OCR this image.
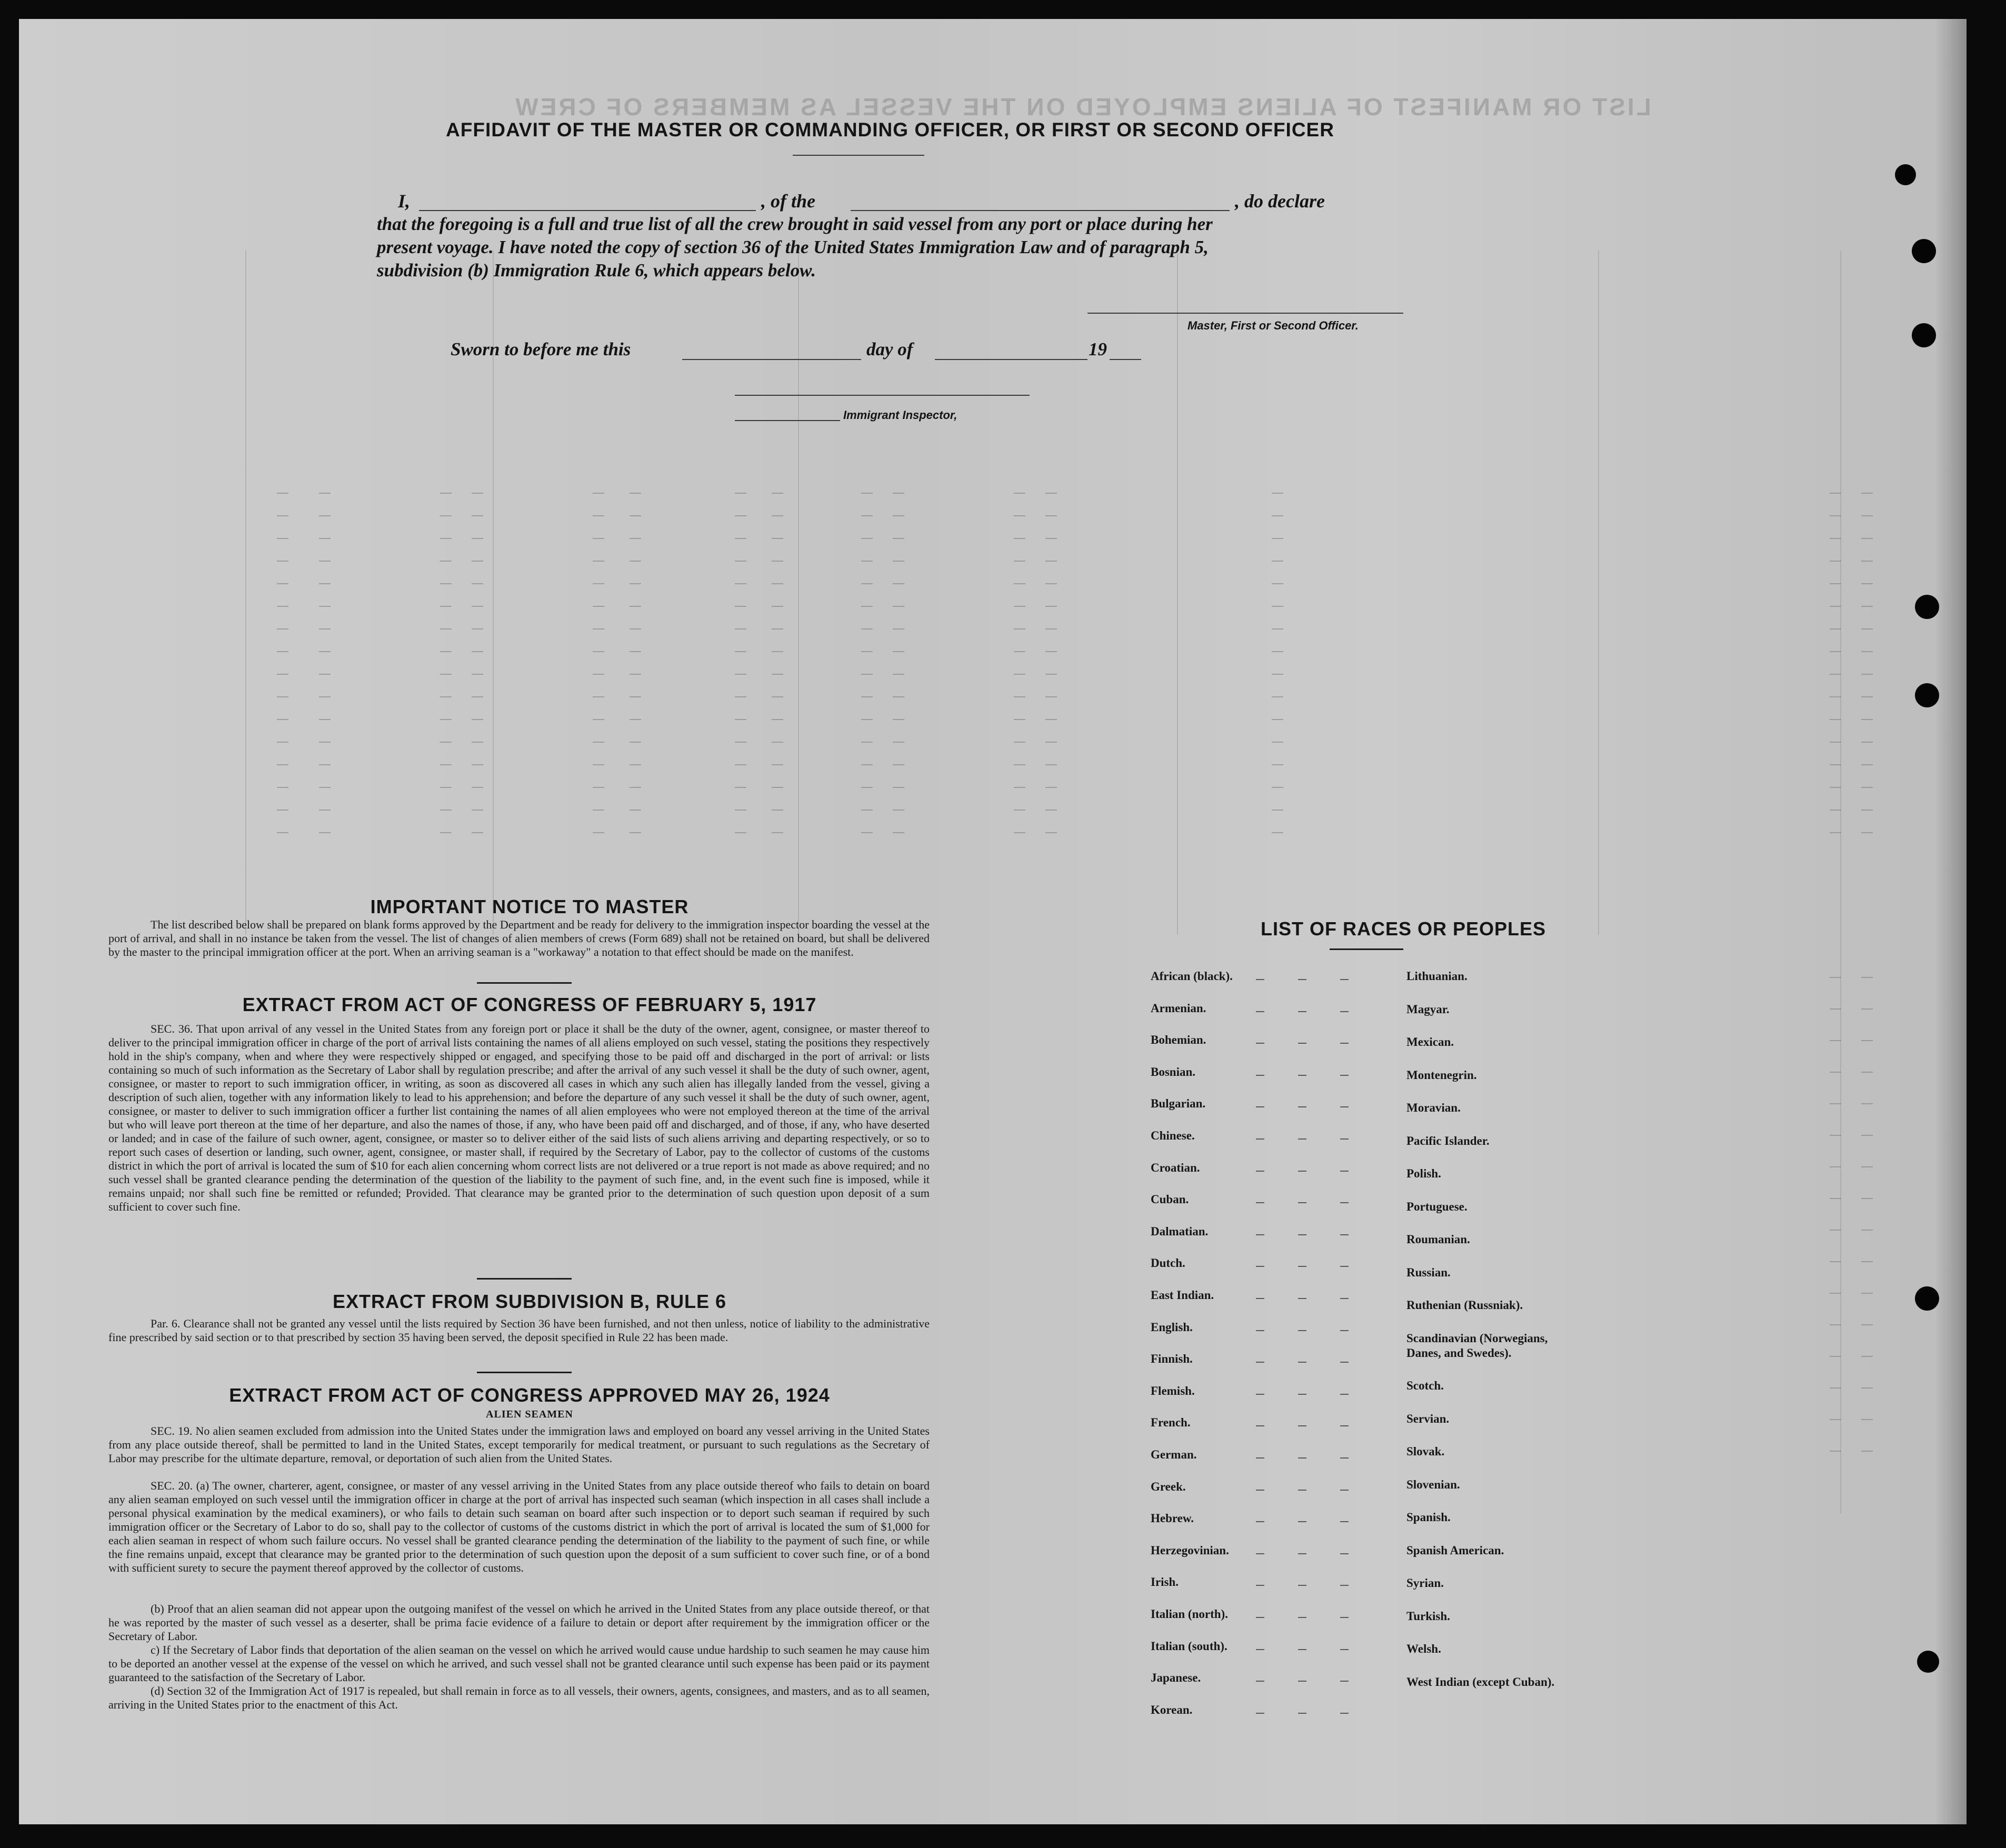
LIST OR MANIFEST OF ALIENS EMPLOYED ON THE VESSEL AS MEMBERS OF CREW
AFFIDAVIT OF THE MASTER OR COMMANDING OFFICER, OR FIRST OR SECOND OFFICER
I,	, of the	, do declare
that the foregoing is a full and true list of all the crew brought in said vessel from any port or place during her
present voyage. I have noted the copy of section 36 of the United States Immigration Law and of paragraph 5,
subdivision (b) Immigration Rule 6, which appears below.
Master, First or Second Officer.
Sworn to before me this	day of	19
Immigrant Inspector,
IMPORTANT NOTICE TO MASTER
The list described below shall be prepared on blank forms approved by the Department and be ready for delivery to the immigration inspector boarding the vessel at the port of arrival, and shall in no instance be taken from the vessel. The list of changes of alien members of crews (Form 689) shall not be retained on board, but shall be delivered by the master to the principal immigration officer at the port. When an arriving seaman is a "workaway" a notation to that effect should be made on the manifest.
EXTRACT FROM ACT OF CONGRESS OF FEBRUARY 5, 1917
SEC. 36. That upon arrival of any vessel in the United States from any foreign port or place it shall be the duty of the owner, agent, consignee, or master thereof to deliver to the principal immigration officer in charge of the port of arrival lists containing the names of all aliens employed on such vessel, stating the positions they respectively hold in the ship's company, when and where they were respectively shipped or engaged, and specifying those to be paid off and discharged in the port of arrival: or lists containing so much of such information as the Secretary of Labor shall by regulation prescribe; and after the arrival of any such vessel it shall be the duty of such owner, agent, consignee, or master to report to such immigration officer, in writing, as soon as discovered all cases in which any such alien has illegally landed from the vessel, giving a description of such alien, together with any information likely to lead to his apprehension; and before the departure of any such vessel it shall be the duty of such owner, agent, consignee, or master to deliver to such immigration officer a further list containing the names of all alien employees who were not employed thereon at the time of the arrival but who will leave port thereon at the time of her departure, and also the names of those, if any, who have been paid off and discharged, and of those, if any, who have deserted or landed; and in case of the failure of such owner, agent, consignee, or master so to deliver either of the said lists of such aliens arriving and departing respectively, or so to report such cases of desertion or landing, such owner, agent, consignee, or master shall, if required by the Secretary of Labor, pay to the collector of customs of the customs district in which the port of arrival is located the sum of $10 for each alien concerning whom correct lists are not delivered or a true report is not made as above required; and no such vessel shall be granted clearance pending the determination of the question of the liability to the payment of such fine, and, in the event such fine is imposed, while it remains unpaid; nor shall such fine be remitted or refunded; Provided. That clearance may be granted prior to the determination of such question upon deposit of a sum sufficient to cover such fine.
EXTRACT FROM SUBDIVISION B, RULE 6
Par. 6. Clearance shall not be granted any vessel until the lists required by Section 36 have been furnished, and not then unless, notice of liability to the administrative fine prescribed by said section or to that prescribed by section 35 having been served, the deposit specified in Rule 22 has been made.
EXTRACT FROM ACT OF CONGRESS APPROVED MAY 26, 1924
ALIEN SEAMEN
SEC. 19. No alien seamen excluded from admission into the United States under the immigration laws and employed on board any vessel arriving in the United States from any place outside thereof, shall be permitted to land in the United States, except temporarily for medical treatment, or pursuant to such regulations as the Secretary of Labor may prescribe for the ultimate departure, removal, or deportation of such alien from the United States.
SEC. 20. (a) The owner, charterer, agent, consignee, or master of any vessel arriving in the United States from any place outside thereof who fails to detain on board any alien seaman employed on such vessel until the immigration officer in charge at the port of arrival has inspected such seaman (which inspection in all cases shall include a personal physical examination by the medical examiners), or who fails to detain such seaman on board after such inspection or to deport such seaman if required by such immigration officer or the Secretary of Labor to do so, shall pay to the collector of customs of the customs district in which the port of arrival is located the sum of $1,000 for each alien seaman in respect of whom such failure occurs. No vessel shall be granted clearance pending the determination of the liability to the payment of such fine, or while the fine remains unpaid, except that clearance may be granted prior to the determination of such question upon the deposit of a sum sufficient to cover such fine, or of a bond with sufficient surety to secure the payment thereof approved by the collector of customs.
(b) Proof that an alien seaman did not appear upon the outgoing manifest of the vessel on which he arrived in the United States from any place outside thereof, or that he was reported by the master of such vessel as a deserter, shall be prima facie evidence of a failure to detain or deport after requirement by the immigration officer or the Secretary of Labor.
c) If the Secretary of Labor finds that deportation of the alien seaman on the vessel on which he arrived would cause undue hardship to such seamen he may cause him to be deported an another vessel at the expense of the vessel on which he arrived, and such vessel shall not be granted clearance until such expense has been paid or its payment guaranteed to the satisfaction of the Secretary of Labor.
(d) Section 32 of the Immigration Act of 1917 is repealed, but shall remain in force as to all vessels, their owners, agents, consignees, and masters, and as to all seamen, arriving in the United States prior to the enactment of this Act.
LIST OF RACES OR PEOPLES
African (black).
Armenian.
Bohemian.
Bosnian.
Bulgarian.
Chinese.
Croatian.
Cuban.
Dalmatian.
Dutch.
East Indian.
English.
Finnish.
Flemish.
French.
German.
Greek.
Hebrew.
Herzegovinian.
Irish.
Italian (north).
Italian (south).
Japanese.
Korean.
Lithuanian.
Magyar.
Mexican.
Montenegrin.
Moravian.
Pacific Islander.
Polish.
Portuguese.
Roumanian.
Russian.
Ruthenian (Russniak).
Scandinavian (Norwegians,
Danes, and Swedes).
Scotch.
Servian.
Slovak.
Slovenian.
Spanish.
Spanish American.
Syrian.
Turkish.
Welsh.
West Indian (except Cuban).
